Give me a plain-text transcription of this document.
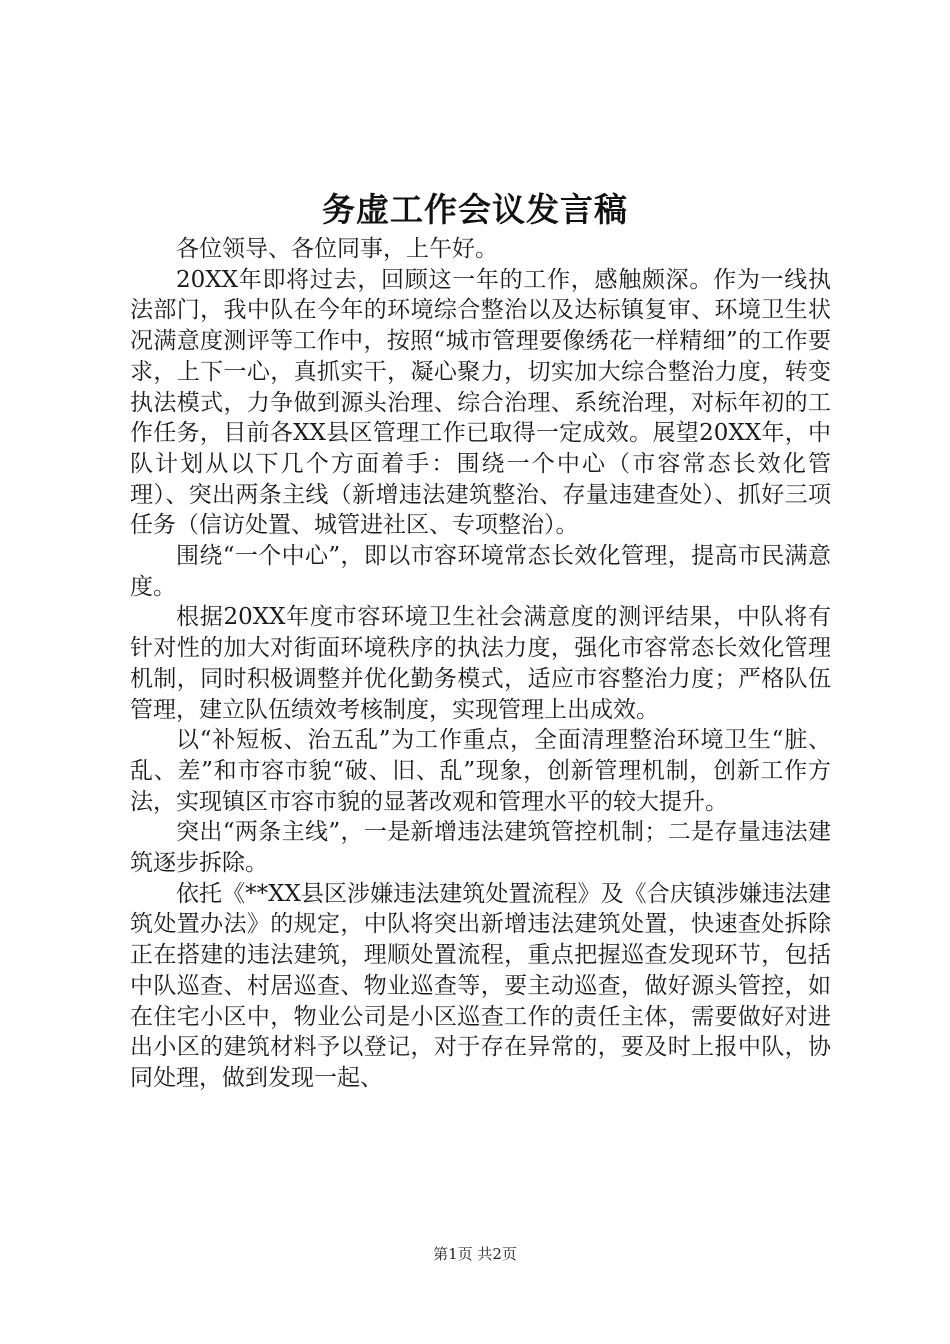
务虚工作会议发言稿

各位领导、各位同事，上午好。

20XX年即将过去，回顾这一年的工作，感触颇深。作为一线执法部门，我中队在今年的环境综合整治以及达标镇复审、环境卫生状况满意度测评等工作中，按照“城市管理要像绣花一样精细”的工作要求，上下一心，真抓实干，凝心聚力，切实加大综合整治力度，转变执法模式，力争做到源头治理、综合治理、系统治理，对标年初的工作任务，目前各XX县区管理工作已取得一定成效。展望20XX年，中队计划从以下几个方面着手：围绕一个中心（市容常态长效化管理）、突出两条主线（新增违法建筑整治、存量违建查处）、抓好三项任务（信访处置、城管进社区、专项整治）。

围绕“一个中心”，即以市容环境常态长效化管理，提高市民满意度。

根据20XX年度市容环境卫生社会满意度的测评结果，中队将有针对性的加大对街面环境秩序的执法力度，强化市容常态长效化管理机制，同时积极调整并优化勤务模式，适应市容整治力度；严格队伍管理，建立队伍绩效考核制度，实现管理上出成效。

以“补短板、治五乱”为工作重点，全面清理整治环境卫生“脏、乱、差”和市容市貌“破、旧、乱”现象，创新管理机制，创新工作方法，实现镇区市容市貌的显著改观和管理水平的较大提升。

突出“两条主线”，一是新增违法建筑管控机制；二是存量违法建筑逐步拆除。

依托《**XX县区涉嫌违法建筑处置流程》及《合庆镇涉嫌违法建筑处置办法》的规定，中队将突出新增违法建筑处置，快速查处拆除正在搭建的违法建筑，理顺处置流程，重点把握巡查发现环节，包括中队巡查、村居巡查、物业巡查等，要主动巡查，做好源头管控，如在住宅小区中，物业公司是小区巡查工作的责任主体，需要做好对进出小区的建筑材料予以登记，对于存在异常的，要及时上报中队，协同处理，做到发现一起、

第1页 共2页
